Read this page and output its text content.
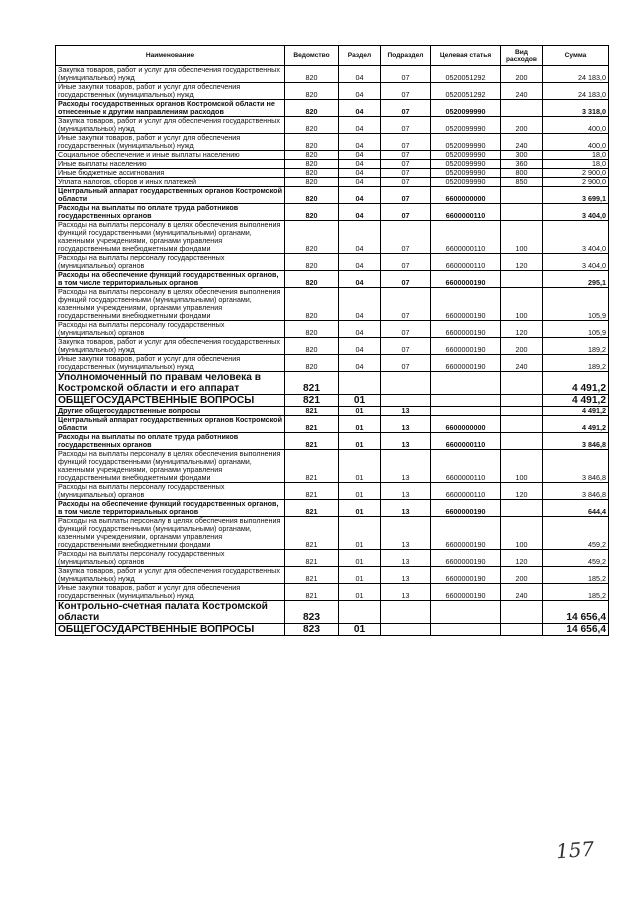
Наименование	Ведомство	Раздел	Подраздел	Целевая статья	Вид расходов	Сумма
Закупка товаров, работ и услуг для обеспечения государственных (муниципальных) нужд	820	04	07	0520051292	200	24 183,0
Иные закупки товаров, работ и услуг для обеспечения государственных (муниципальных) нужд	820	04	07	0520051292	240	24 183,0
Расходы государственных органов Костромской области не отнесенные к другим направлениям расходов	820	04	07	0520099990		3 318,0
Закупка товаров, работ и услуг для обеспечения государственных (муниципальных) нужд	820	04	07	0520099990	200	400,0
Иные закупки товаров, работ и услуг для обеспечения государственных (муниципальных) нужд	820	04	07	0520099990	240	400,0
Социальное обеспечение и иные выплаты населению	820	04	07	0520099990	300	18,0
Иные выплаты населению	820	04	07	0520099990	360	18,0
Иные бюджетные ассигнования	820	04	07	0520099990	800	2 900,0
Уплата налогов, сборов и иных платежей	820	04	07	0520099990	850	2 900,0
Центральный аппарат государственных органов Костромской области	820	04	07	6600000000		3 699,1
Расходы на выплаты по оплате труда работников государственных органов	820	04	07	6600000110		3 404,0
Расходы на выплаты персоналу в целях обеспечения выполнения функций государственными (муниципальными) органами, казенными учреждениями, органами управления государственными внебюджетными фондами	820	04	07	6600000110	100	3 404,0
Расходы на выплаты персоналу государственных (муниципальных) органов	820	04	07	6600000110	120	3 404,0
Расходы на обеспечение функций государственных органов, в том числе территориальных органов	820	04	07	6600000190		295,1
Расходы на выплаты персоналу в целях обеспечения выполнения функций государственными (муниципальными) органами, казенными учреждениями, органами управления государственными внебюджетными фондами	820	04	07	6600000190	100	105,9
Расходы на выплаты персоналу государственных (муниципальных) органов	820	04	07	6600000190	120	105,9
Закупка товаров, работ и услуг для обеспечения государственных (муниципальных) нужд	820	04	07	6600000190	200	189,2
Иные закупки товаров, работ и услуг для обеспечения государственных (муниципальных) нужд	820	04	07	6600000190	240	189,2
Уполномоченный по правам человека в Костромской области и его аппарат	821					4 491,2
ОБЩЕГОСУДАРСТВЕННЫЕ ВОПРОСЫ	821	01				4 491,2
Другие общегосударственные вопросы	821	01	13			4 491,2
Центральный аппарат государственных органов Костромской области	821	01	13	6600000000		4 491,2
Расходы на выплаты по оплате труда работников государственных органов	821	01	13	6600000110		3 846,8
Расходы на выплаты персоналу в целях обеспечения выполнения функций государственными (муниципальными) органами, казенными учреждениями, органами управления государственными внебюджетными фондами	821	01	13	6600000110	100	3 846,8
Расходы на выплаты персоналу государственных (муниципальных) органов	821	01	13	6600000110	120	3 846,8
Расходы на обеспечение функций государственных органов, в том числе территориальных органов	821	01	13	6600000190		644,4
Расходы на выплаты персоналу в целях обеспечения выполнения функций государственными (муниципальными) органами, казенными учреждениями, органами управления государственными внебюджетными фондами	821	01	13	6600000190	100	459,2
Расходы на выплаты персоналу государственных (муниципальных) органов	821	01	13	6600000190	120	459,2
Закупка товаров, работ и услуг для обеспечения государственных (муниципальных) нужд	821	01	13	6600000190	200	185,2
Иные закупки товаров, работ и услуг для обеспечения государственных (муниципальных) нужд	821	01	13	6600000190	240	185,2
Контрольно-счетная палата Костромской области	823					14 656,4
ОБЩЕГОСУДАРСТВЕННЫЕ ВОПРОСЫ	823	01				14 656,4
157
